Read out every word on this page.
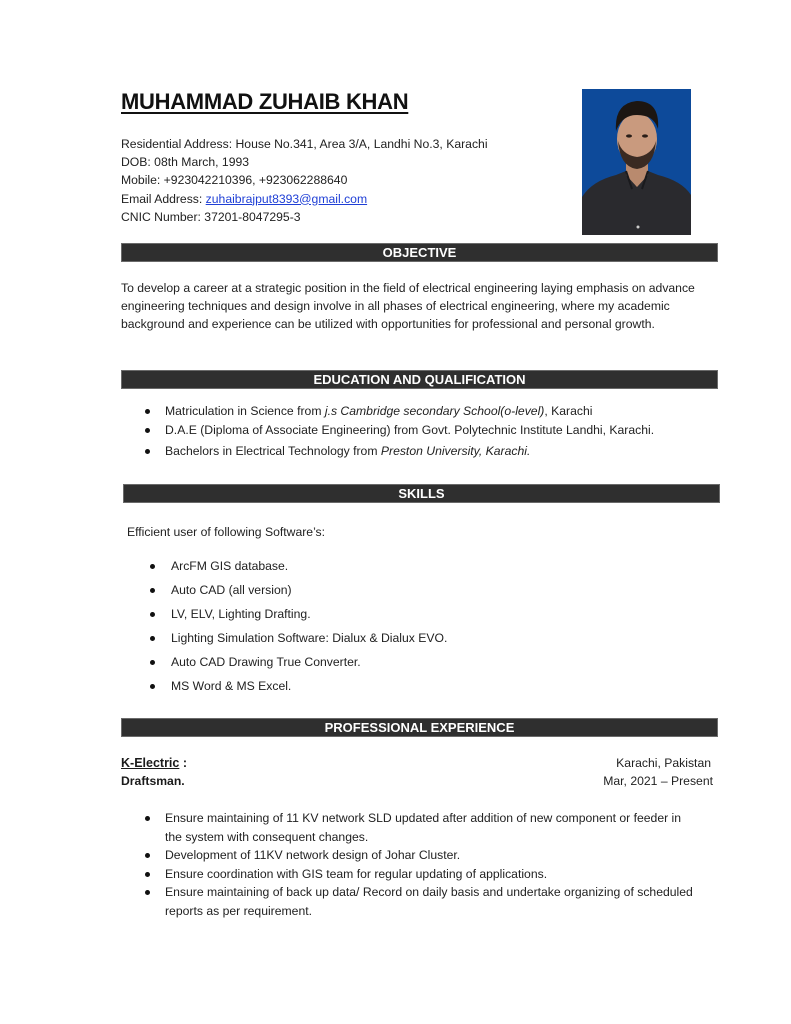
MUHAMMAD ZUHAIB KHAN
Residential Address: House No.341, Area 3/A, Landhi No.3, Karachi
DOB: 08th March, 1993
Mobile: +923042210396, +923062288640
Email Address: zuhaibrajput8393@gmail.com
CNIC Number: 37201-8047295-3
OBJECTIVE
To develop a career at a strategic position in the field of electrical engineering laying emphasis on advance engineering techniques and design involve in all phases of electrical engineering, where my academic background and experience can be utilized with opportunities for professional and personal growth.
EDUCATION AND QUALIFICATION
Matriculation in Science from j.s Cambridge secondary School(o-level), Karachi
D.A.E (Diploma of Associate Engineering) from Govt. Polytechnic Institute Landhi, Karachi.
Bachelors in Electrical Technology from Preston University, Karachi.
SKILLS
Efficient user of following Software’s:
ArcFM GIS database.
Auto CAD (all version)
LV, ELV, Lighting Drafting.
Lighting Simulation Software: Dialux & Dialux EVO.
Auto CAD Drawing True Converter.
MS Word & MS Excel.
PROFESSIONAL EXPERIENCE
K-Electric :
Draftsman.
Karachi, Pakistan
Mar, 2021 – Present
Ensure maintaining of 11 KV network SLD updated after addition of new component or feeder in the system with consequent changes.
Development of 11KV network design of Johar Cluster.
Ensure coordination with GIS team for regular updating of applications.
Ensure maintaining of back up data/ Record on daily basis and undertake organizing of scheduled reports as per requirement.
